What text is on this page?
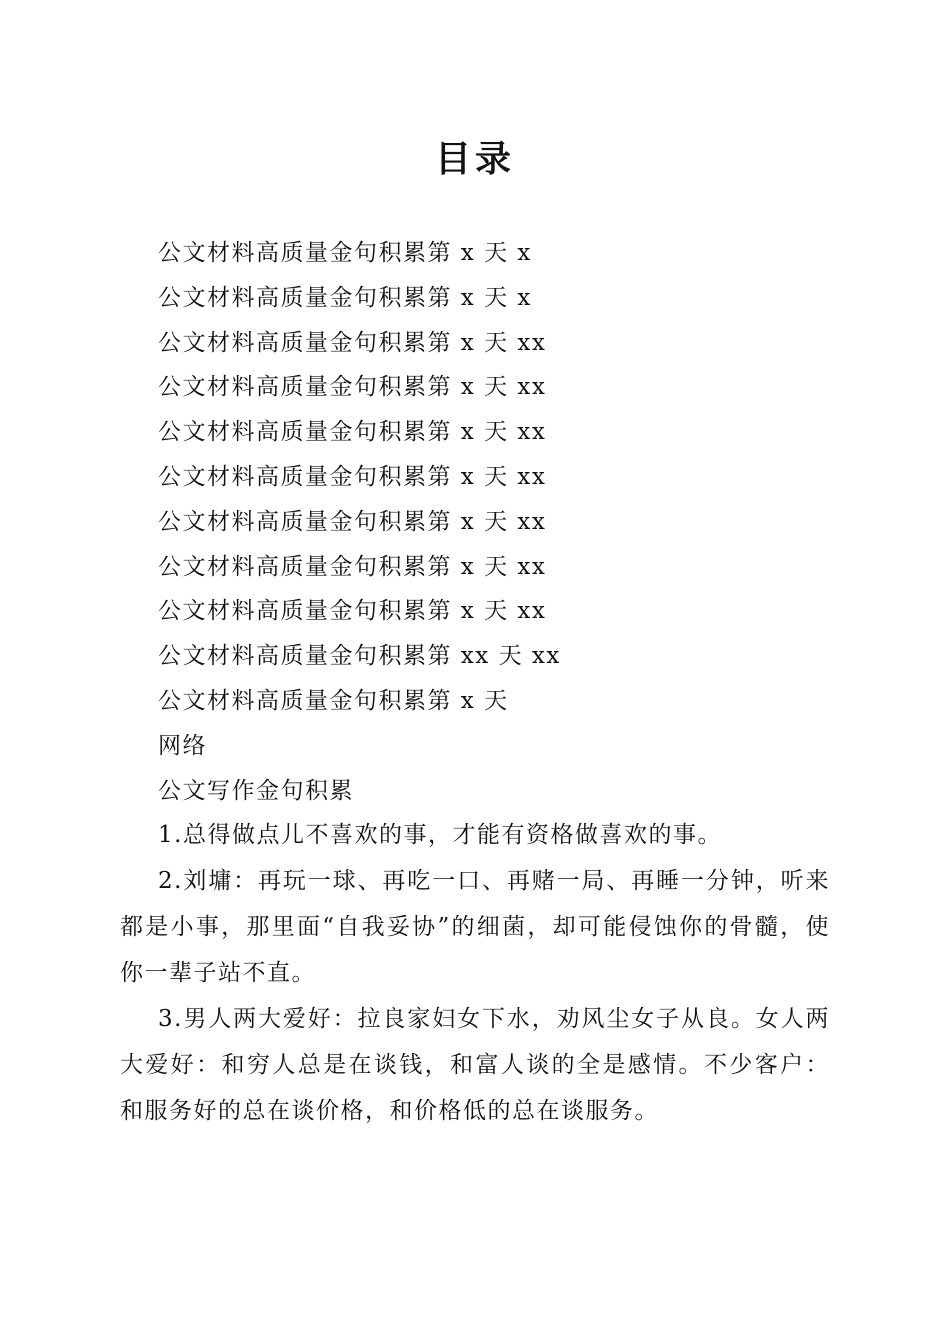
目录
公文材料高质量金句积累第 x 天 x
公文材料高质量金句积累第 x 天 x
公文材料高质量金句积累第 x 天 xx
公文材料高质量金句积累第 x 天 xx
公文材料高质量金句积累第 x 天 xx
公文材料高质量金句积累第 x 天 xx
公文材料高质量金句积累第 x 天 xx
公文材料高质量金句积累第 x 天 xx
公文材料高质量金句积累第 x 天 xx
公文材料高质量金句积累第 xx 天 xx
公文材料高质量金句积累第 x 天
网络
公文写作金句积累

1.总得做点儿不喜欢的事，才能有资格做喜欢的事。

2.刘墉：再玩一球、再吃一口、再赌一局、再睡一分钟，听来都是小事，那里面“自我妥协”的细菌，却可能侵蚀你的骨髓，使你一辈子站不直。

3.男人两大爱好：拉良家妇女下水，劝风尘女子从良。女人两大爱好：和穷人总是在谈钱，和富人谈的全是感情。不少客户：和服务好的总在谈价格，和价格低的总在谈服务。
